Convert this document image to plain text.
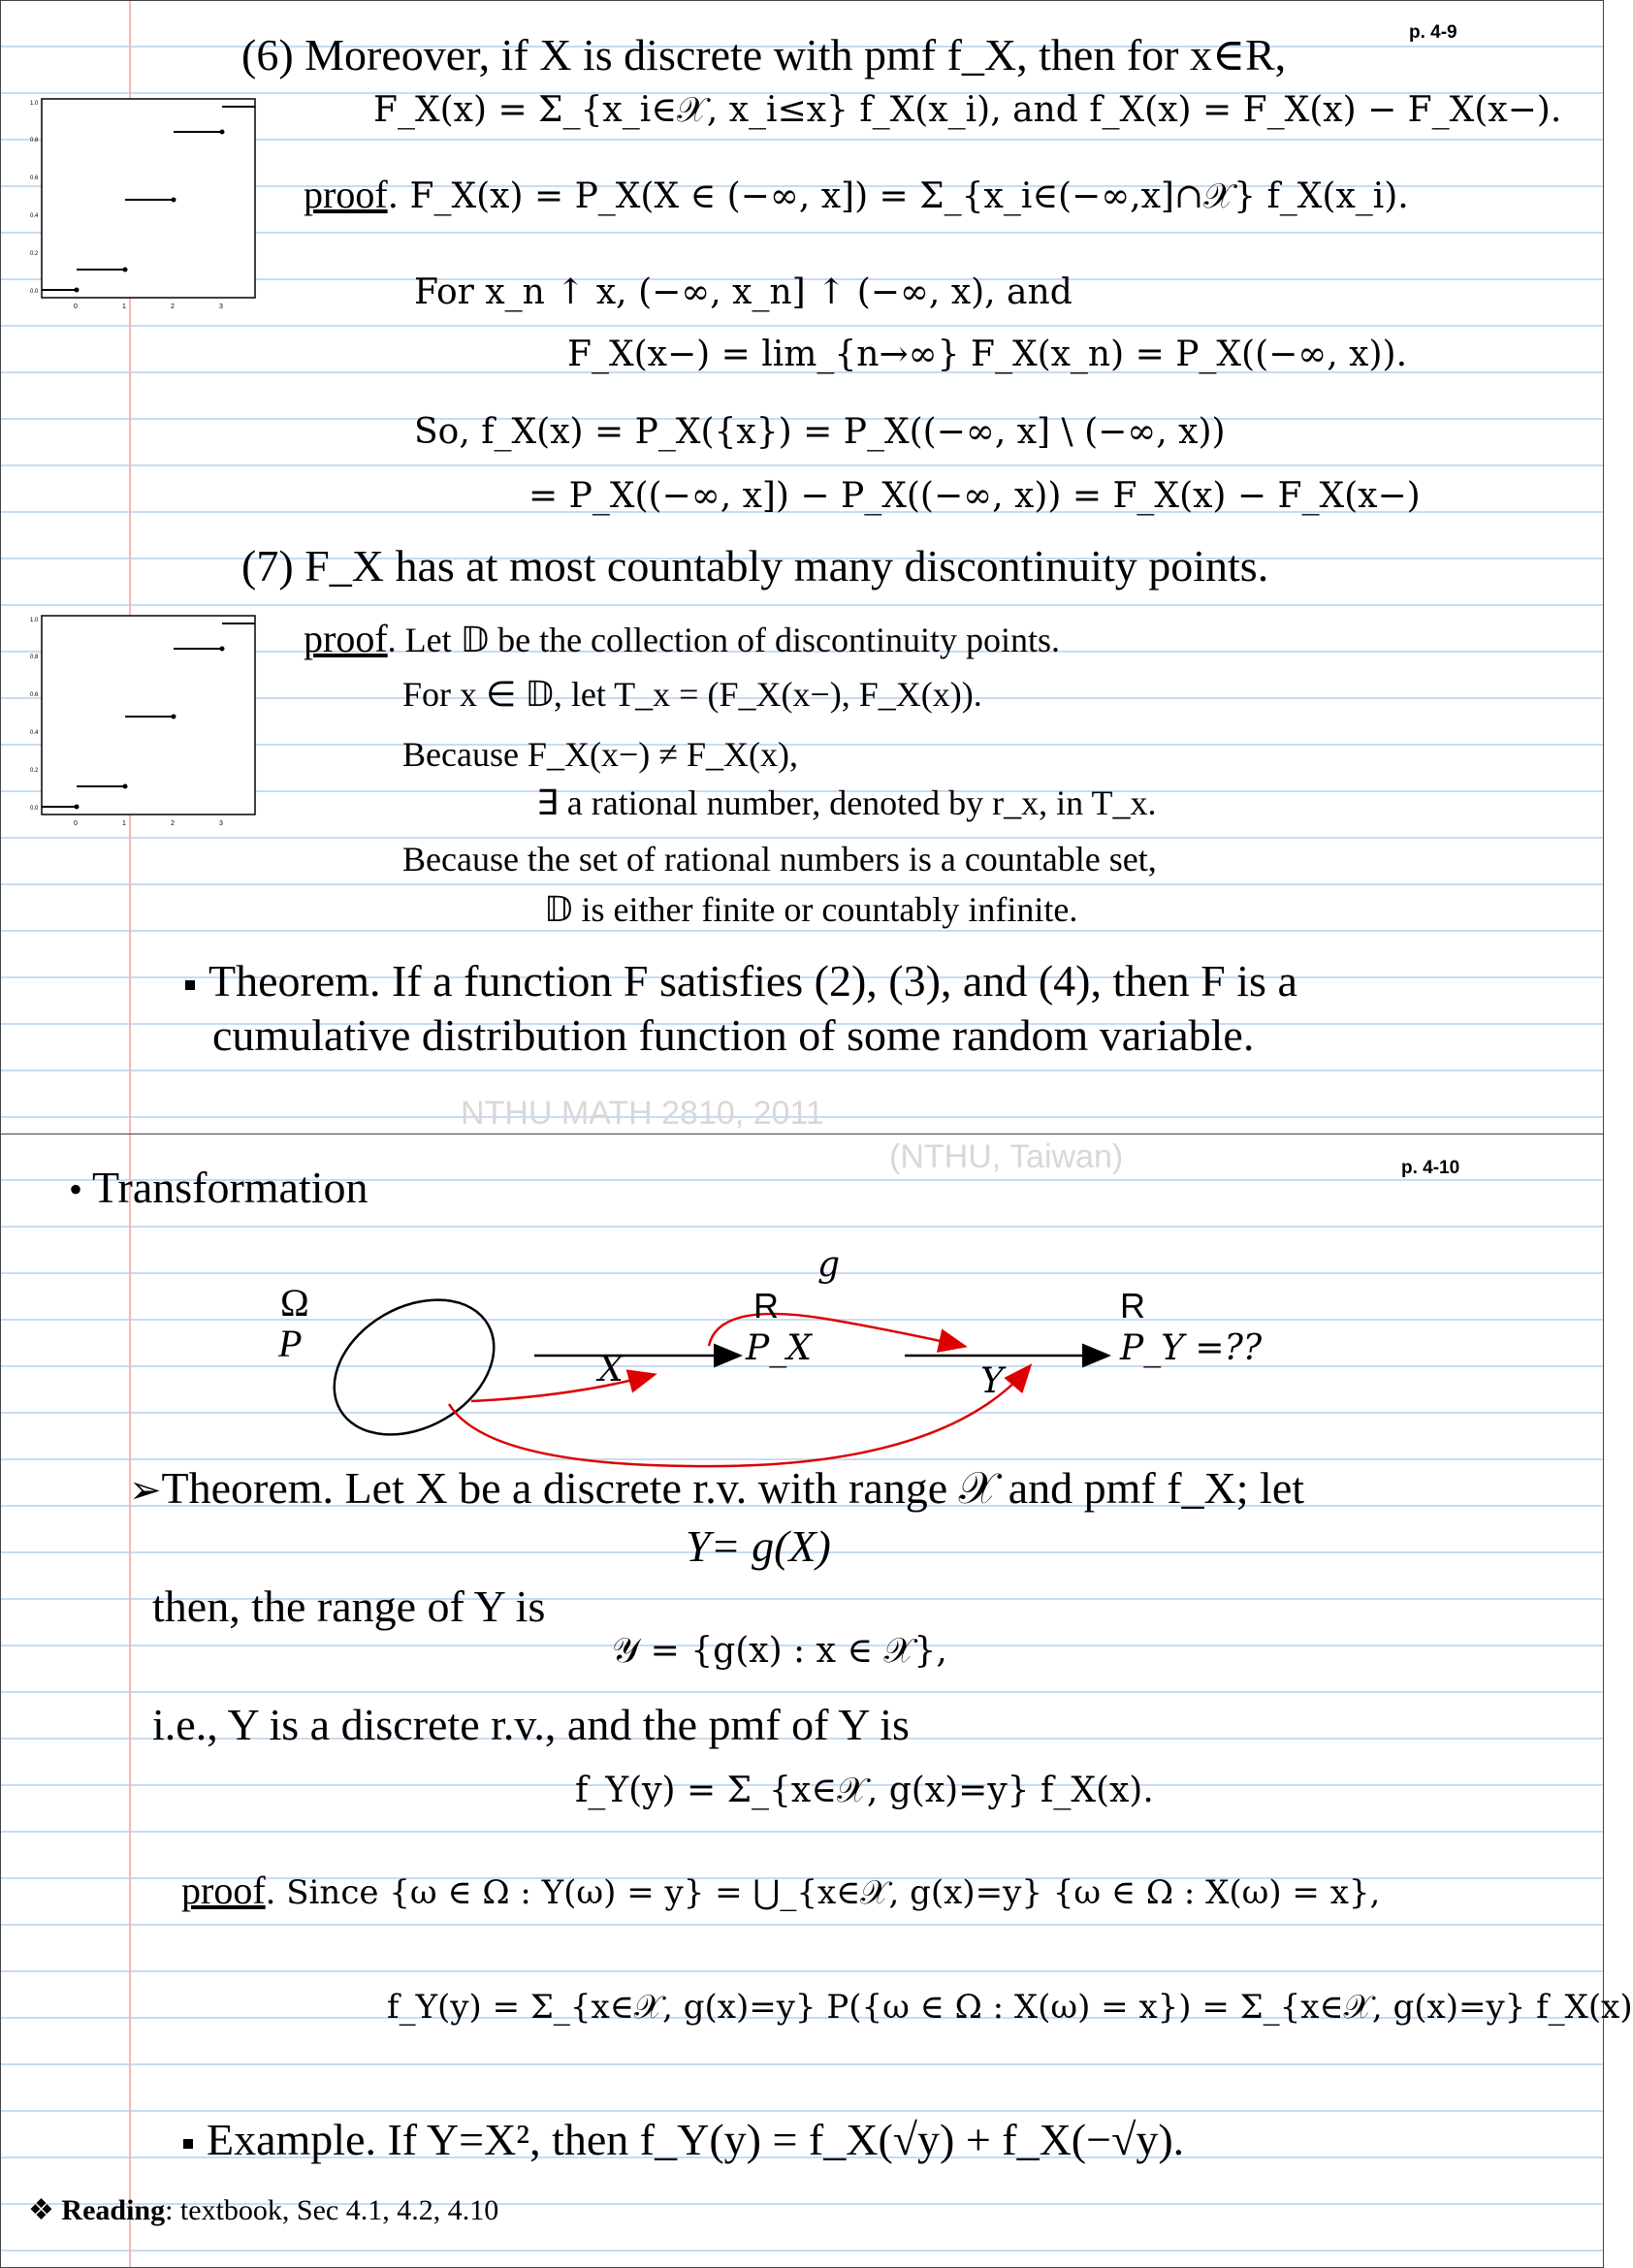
p. 4-9
0	1	2	3
0.0
0.2
0.4
0.6
0.8
1.0
0	1	2	3
0.0
0.2
0.4
0.6
0.8
1.0
(6) Moreover, if X is discrete with pmf f_X, then for x∈R,
F_X(x) = Σ_{x_i∈𝒳, x_i≤x} f_X(x_i), and f_X(x) = F_X(x) − F_X(x−).
proof. F_X(x) = P_X(X ∈ (−∞, x]) = Σ_{x_i∈(−∞,x]∩𝒳} f_X(x_i).
For x_n ↑ x, (−∞, x_n] ↑ (−∞, x), and
F_X(x−) = lim_{n→∞} F_X(x_n) = P_X((−∞, x)).
So, f_X(x) = P_X({x}) = P_X((−∞, x] \ (−∞, x))
= P_X((−∞, x]) − P_X((−∞, x)) = F_X(x) − F_X(x−)
(7) F_X has at most countably many discontinuity points.
proof. Let 𝔻 be the collection of discontinuity points.
For x ∈ 𝔻, let T_x = (F_X(x−), F_X(x)).
Because F_X(x−) ≠ F_X(x),
∃ a rational number, denoted by r_x, in T_x.
Because the set of rational numbers is a countable set,
𝔻 is either finite or countably infinite.
Theorem. If a function F satisfies (2), (3), and (4), then F is a
cumulative distribution function of some random variable.
NTHU MATH 2810, 2011
(NTHU, Taiwan)	p. 4-10
• Transformation
Ω
P
R	R
X
P_X
g
Y
P_Y =??
➢Theorem. Let X be a discrete r.v. with range 𝒳 and pmf f_X; let
Y= g(X)
then, the range of Y is
𝒴 = {g(x) : x ∈ 𝒳},
i.e., Y is a discrete r.v., and the pmf of Y is
f_Y(y) = Σ_{x∈𝒳, g(x)=y} f_X(x).
proof. Since {ω ∈ Ω : Y(ω) = y} = ⋃_{x∈𝒳, g(x)=y} {ω ∈ Ω : X(ω) = x},
f_Y(y) = Σ_{x∈𝒳, g(x)=y} P({ω ∈ Ω : X(ω) = x}) = Σ_{x∈𝒳, g(x)=y} f_X(x)
Example. If Y=X², then f_Y(y) = f_X(√y) + f_X(−√y).
❖ Reading: textbook, Sec 4.1, 4.2, 4.10
